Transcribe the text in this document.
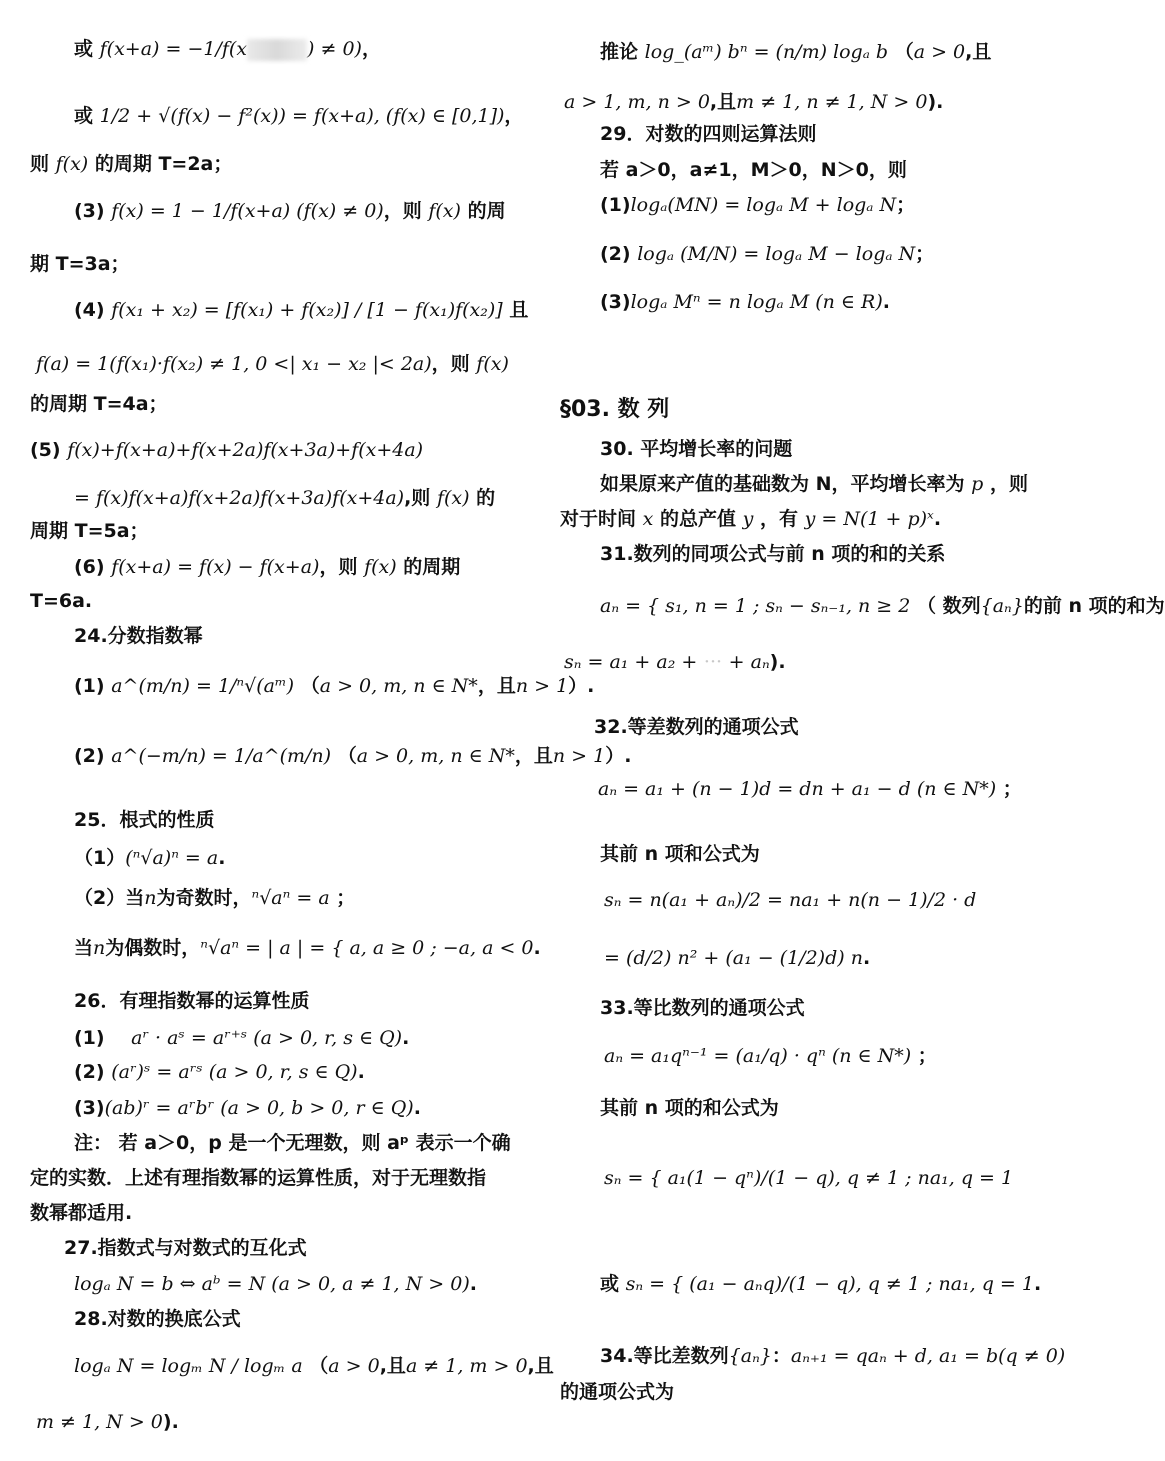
或 f(x+a) = −1/f(x	) ≠ 0)，
或 1/2 + √(f(x) − f²(x)) = f(x+a), (f(x) ∈ [0,1])，
则 f(x) 的周期 T=2a；
(3) f(x) = 1 − 1/f(x+a) (f(x) ≠ 0)，则 f(x) 的周
期 T=3a；
(4) f(x₁ + x₂) = [f(x₁) + f(x₂)] / [1 − f(x₁)f(x₂)] 且
f(a) = 1(f(x₁)·f(x₂) ≠ 1, 0 <| x₁ − x₂ |< 2a)，则 f(x)
的周期 T=4a；
(5) f(x)+f(x+a)+f(x+2a)f(x+3a)+f(x+4a)
= f(x)f(x+a)f(x+2a)f(x+3a)f(x+4a),则 f(x) 的
周期 T=5a；
(6) f(x+a) = f(x) − f(x+a)，则 f(x) 的周期
T=6a.
24.分数指数幂
(1) a^(m/n) = 1/ⁿ√(aᵐ) （a > 0, m, n ∈ N*，且n > 1）.
(2) a^(−m/n) = 1/a^(m/n) （a > 0, m, n ∈ N*，且n > 1）.
25．根式的性质
（1）(ⁿ√a)ⁿ = a.
（2）当n为奇数时，ⁿ√aⁿ = a ；
当n为偶数时，ⁿ√aⁿ = | a | = { a, a ≥ 0 ; −a, a < 0.
26．有理指数幂的运算性质
(1) aʳ · aˢ = aʳ⁺ˢ (a > 0, r, s ∈ Q).
(2) (aʳ)ˢ = aʳˢ (a > 0, r, s ∈ Q).
(3)(ab)ʳ = aʳbʳ (a > 0, b > 0, r ∈ Q).
注： 若 a＞0，p 是一个无理数，则 aᵖ 表示一个确
定的实数．上述有理指数幂的运算性质，对于无理数指
数幂都适用.
27.指数式与对数式的互化式
logₐ N = b ⇔ aᵇ = N (a > 0, a ≠ 1, N > 0).
28.对数的换底公式
logₐ N = logₘ N / logₘ a （a > 0,且a ≠ 1, m > 0,且
m ≠ 1, N > 0).
推论 log_(aᵐ) bⁿ = (n/m) logₐ b （a > 0,且
a > 1, m, n > 0,且m ≠ 1, n ≠ 1, N > 0).
29．对数的四则运算法则
若 a＞0，a≠1，M＞0，N＞0，则
(1)logₐ(MN) = logₐ M + logₐ N；
(2) logₐ (M/N) = logₐ M − logₐ N；
(3)logₐ Mⁿ = n logₐ M (n ∈ R).
§03. 数 列
30. 平均增长率的问题
如果原来产值的基础数为 N，平均增长率为 p ，则
对于时间 x 的总产值 y ，有 y = N(1 + p)ˣ.
31.数列的同项公式与前 n 项的和的关系
aₙ = { s₁, n = 1 ; sₙ − sₙ₋₁, n ≥ 2 （ 数列{aₙ}的前 n 项的和为
sₙ = a₁ + a₂ + ··· + aₙ).
32.等差数列的通项公式
aₙ = a₁ + (n − 1)d = dn + a₁ − d (n ∈ N*) ；
其前 n 项和公式为
sₙ = n(a₁ + aₙ)/2 = na₁ + n(n − 1)/2 · d
= (d/2) n² + (a₁ − (1/2)d) n.
33.等比数列的通项公式
aₙ = a₁qⁿ⁻¹ = (a₁/q) · qⁿ (n ∈ N*) ；
其前 n 项的和公式为
sₙ = { a₁(1 − qⁿ)/(1 − q), q ≠ 1 ; na₁, q = 1
或 sₙ = { (a₁ − aₙq)/(1 − q), q ≠ 1 ; na₁, q = 1.
34.等比差数列{aₙ}：aₙ₊₁ = qaₙ + d, a₁ = b(q ≠ 0)
的通项公式为
